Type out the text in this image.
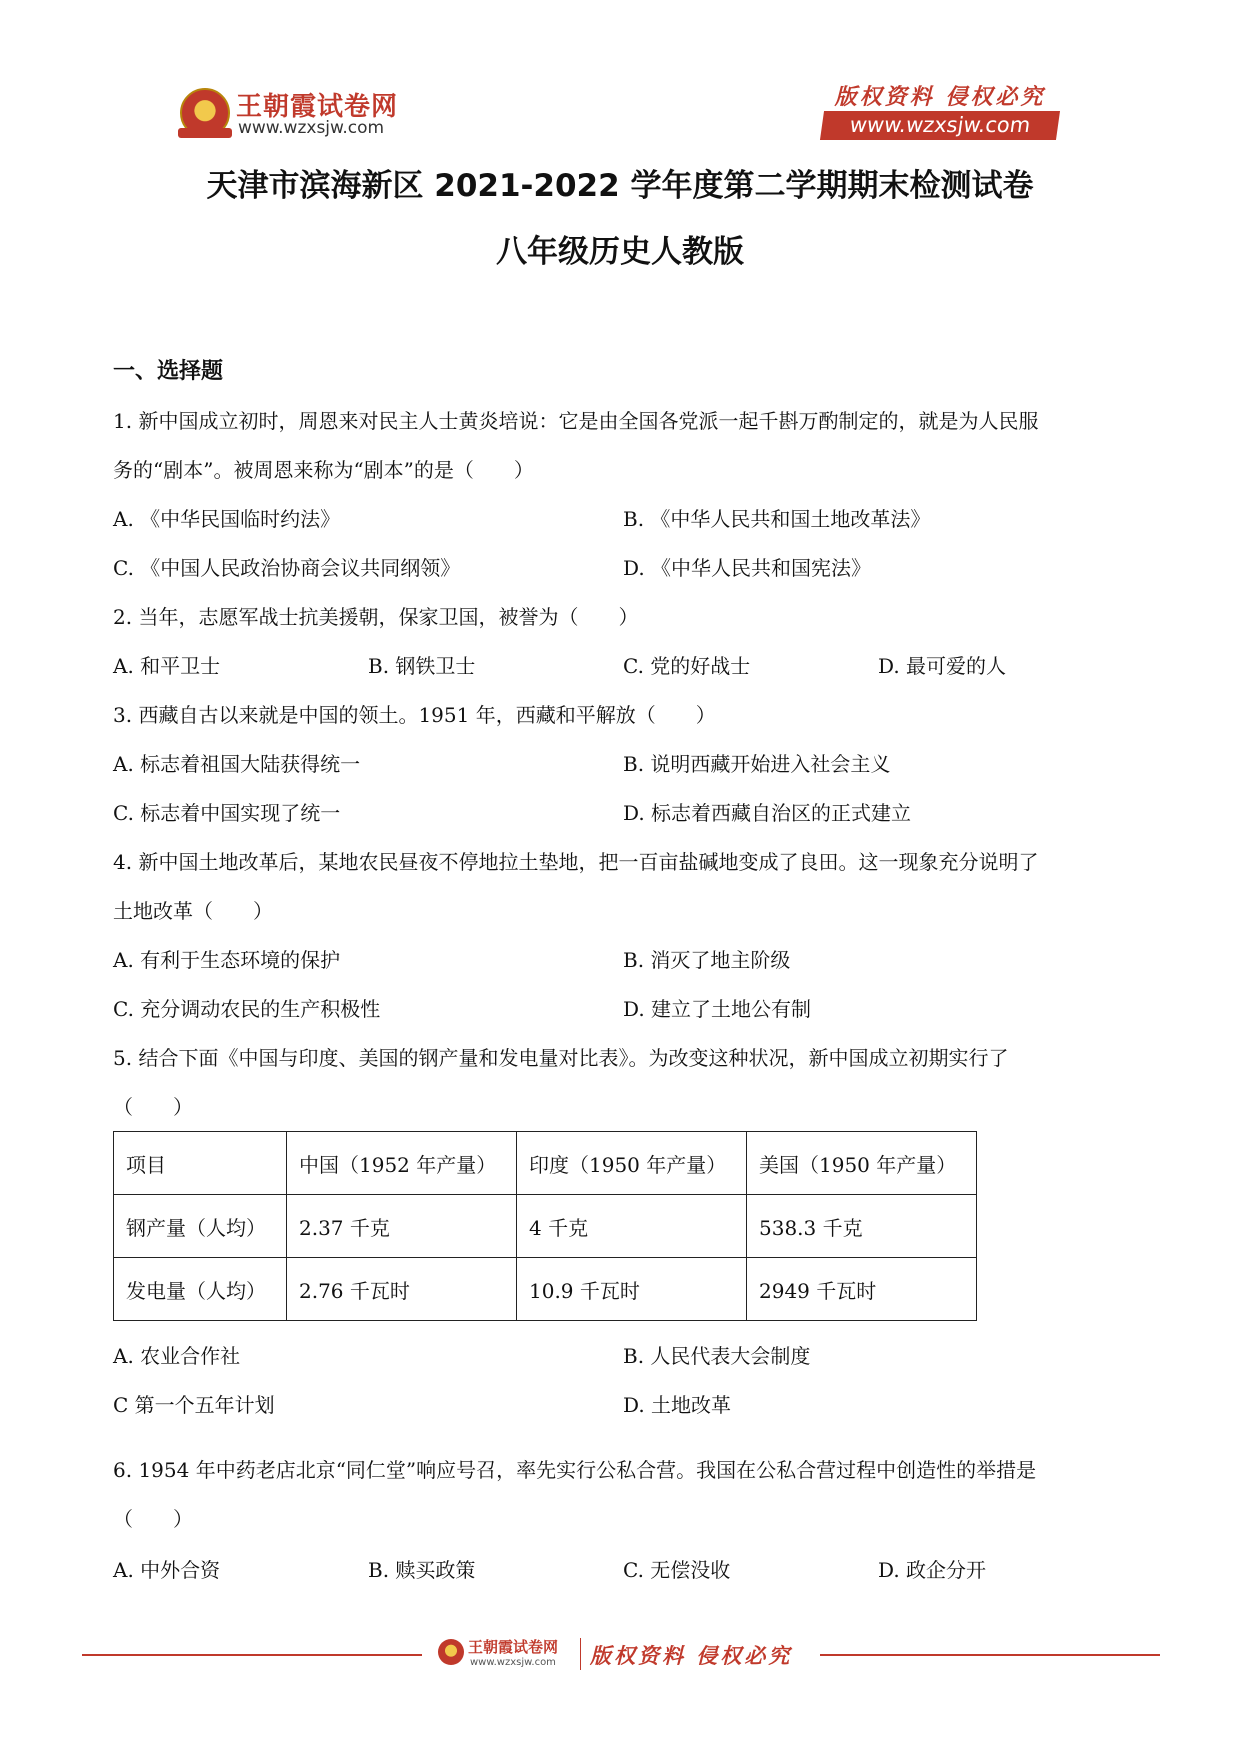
王朝霞试卷网
www.wzxsjw.com
版权资料 侵权必究
www.wzxsjw.com
天津市滨海新区 2021-2022 学年度第二学期期末检测试卷
八年级历史人教版
一、选择题
1. 新中国成立初时，周恩来对民主人士黄炎培说：它是由全国各党派一起千斟万酌制定的，就是为人民服
务的“剧本”。被周恩来称为“剧本”的是（　　）
A. 《中华民国临时约法》	B. 《中华人民共和国土地改革法》
C. 《中国人民政治协商会议共同纲领》	D. 《中华人民共和国宪法》
2. 当年，志愿军战士抗美援朝，保家卫国，被誉为（　　）
A. 和平卫士	B. 钢铁卫士	C. 党的好战士	D. 最可爱的人
3. 西藏自古以来就是中国的领土。1951 年，西藏和平解放（　　）
A. 标志着祖国大陆获得统一	B. 说明西藏开始进入社会主义
C. 标志着中国实现了统一	D. 标志着西藏自治区的正式建立
4. 新中国土地改革后，某地农民昼夜不停地拉土垫地，把一百亩盐碱地变成了良田。这一现象充分说明了
土地改革（　　）
A. 有利于生态环境的保护	B. 消灭了地主阶级
C. 充分调动农民的生产积极性	D. 建立了土地公有制
5. 结合下面《中国与印度、美国的钢产量和发电量对比表》。为改变这种状况，新中国成立初期实行了
（　　）
项目	中国（1952 年产量）	印度（1950 年产量）	美国（1950 年产量）
钢产量（人均）	2.37 千克	4 千克	538.3 千克
发电量（人均）	2.76 千瓦时	10.9 千瓦时	2949 千瓦时
A. 农业合作社	B. 人民代表大会制度
C 第一个五年计划	D. 土地改革
6. 1954 年中药老店北京“同仁堂”响应号召，率先实行公私合营。我国在公私合营过程中创造性的举措是
（　　）
A. 中外合资	B. 赎买政策	C. 无偿没收	D. 政企分开
王朝霞试卷网
www.wzxsjw.com 版权资料 侵权必究
